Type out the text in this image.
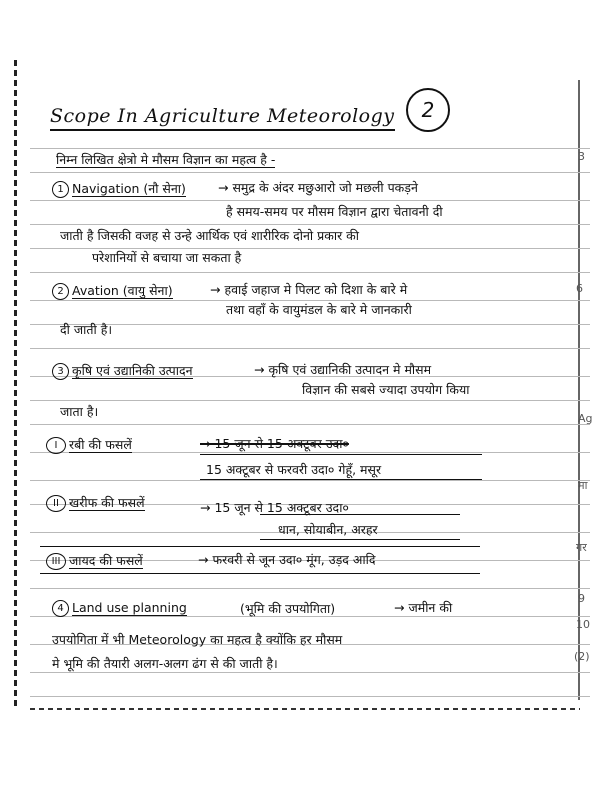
3
Ag
मा
6
गर
9
10
(2)
Scope In Agriculture Meteorology	2
निम्न लिखित क्षेत्रो मे मौसम विज्ञान का महत्व है -
1 Navigation (नौ सेना)	→ समुद्र के अंदर मछुआरो जो मछली पकड़ने
है समय-समय पर मौसम विज्ञान द्वारा चेतावनी दी
जाती है जिसकी वजह से उन्हे आर्थिक एवं शारीरिक दोनो प्रकार की
परेशानियों से बचाया जा सकता है
2 Avation (वायु सेना)	→ हवाई जहाज मे पिलट को दिशा के बारे मे
तथा वहाँ के वायुमंडल के बारे मे जानकारी
दी जाती है।
3 कृषि एवं उद्यानिकी उत्पादन	→ कृषि एवं उद्यानिकी उत्पादन मे मौसम
विज्ञान की सबसे ज्यादा उपयोग किया
जाता है।
I रबी की फसलें	→ 15 जून से 15 अक्टूबर उदा०
15 अक्टूबर से फरवरी उदा० गेहूँ, मसूर
II खरीफ की फसलें	→ 15 जून से 15 अक्टूबर उदा०
धान, सोयाबीन, अरहर
III जायद की फसलें	→ फरवरी से जून उदा० मूंग, उड़द आदि
4 Land use planning	(भूमि की उपयोगिता)	→ जमीन की
उपयोगिता में भी Meteorology का महत्व है क्योंकि हर मौसम
मे भूमि की तैयारी अलग-अलग ढंग से की जाती है।
